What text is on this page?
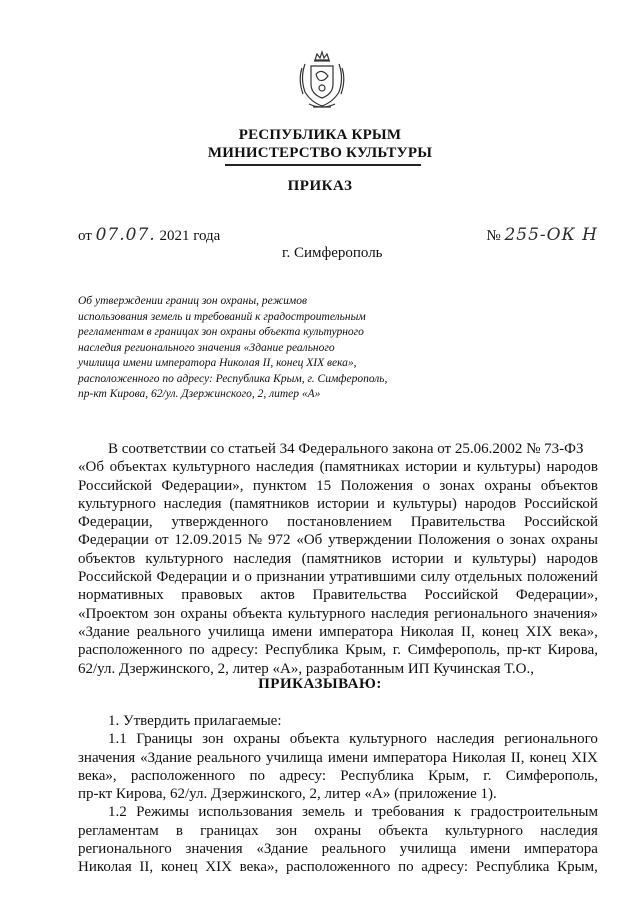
РЕСПУБЛИКА КРЫМ
МИНИСТЕРСТВО КУЛЬТУРЫ
ПРИКАЗ
от 07.07. 2021 года	№ 255-ОК Н
г. Симферополь
Об утверждении границ зон охраны, режимов
использования земель и требований к градостроительным
регламентам в границах зон охраны объекта культурного
наследия регионального значения «Здание реального
училища имени императора Николая II, конец XIX века»,
расположенного по адресу: Республика Крым, г. Симферополь,
пр-кт Кирова, 62/ул. Дзержинского, 2, литер «А»
В соответствии со статьей 34 Федерального закона от 25.06.2002 № 73-ФЗ
«Об объектах культурного наследия (памятниках истории и культуры) народов
Российской Федерации», пунктом 15 Положения о зонах охраны объектов
культурного наследия (памятников истории и культуры) народов Российской
Федерации, утвержденного постановлением Правительства Российской
Федерации от 12.09.2015 № 972 «Об утверждении Положения о зонах охраны
объектов культурного наследия (памятников истории и культуры) народов
Российской Федерации и о признании утратившими силу отдельных положений
нормативных правовых актов Правительства Российской Федерации»,
«Проектом зон охраны объекта культурного наследия регионального значения»
«Здание реального училища имени императора Николая II, конец XIX века»,
расположенного по адресу: Республика Крым, г. Симферополь, пр-кт Кирова,
62/ул. Дзержинского, 2, литер «А», разработанным ИП Кучинская Т.О.,
ПРИКАЗЫВАЮ:
1. Утвердить прилагаемые:
1.1 Границы зон охраны объекта культурного наследия регионального
значения «Здание реального училища имени императора Николая II, конец XIX
века», расположенного по адресу: Республика Крым, г. Симферополь,
пр-кт Кирова, 62/ул. Дзержинского, 2, литер «А» (приложение 1).
1.2 Режимы использования земель и требования к градостроительным
регламентам в границах зон охраны объекта культурного наследия
регионального значения «Здание реального училища имени императора
Николая II, конец XIX века», расположенного по адресу: Республика Крым,
